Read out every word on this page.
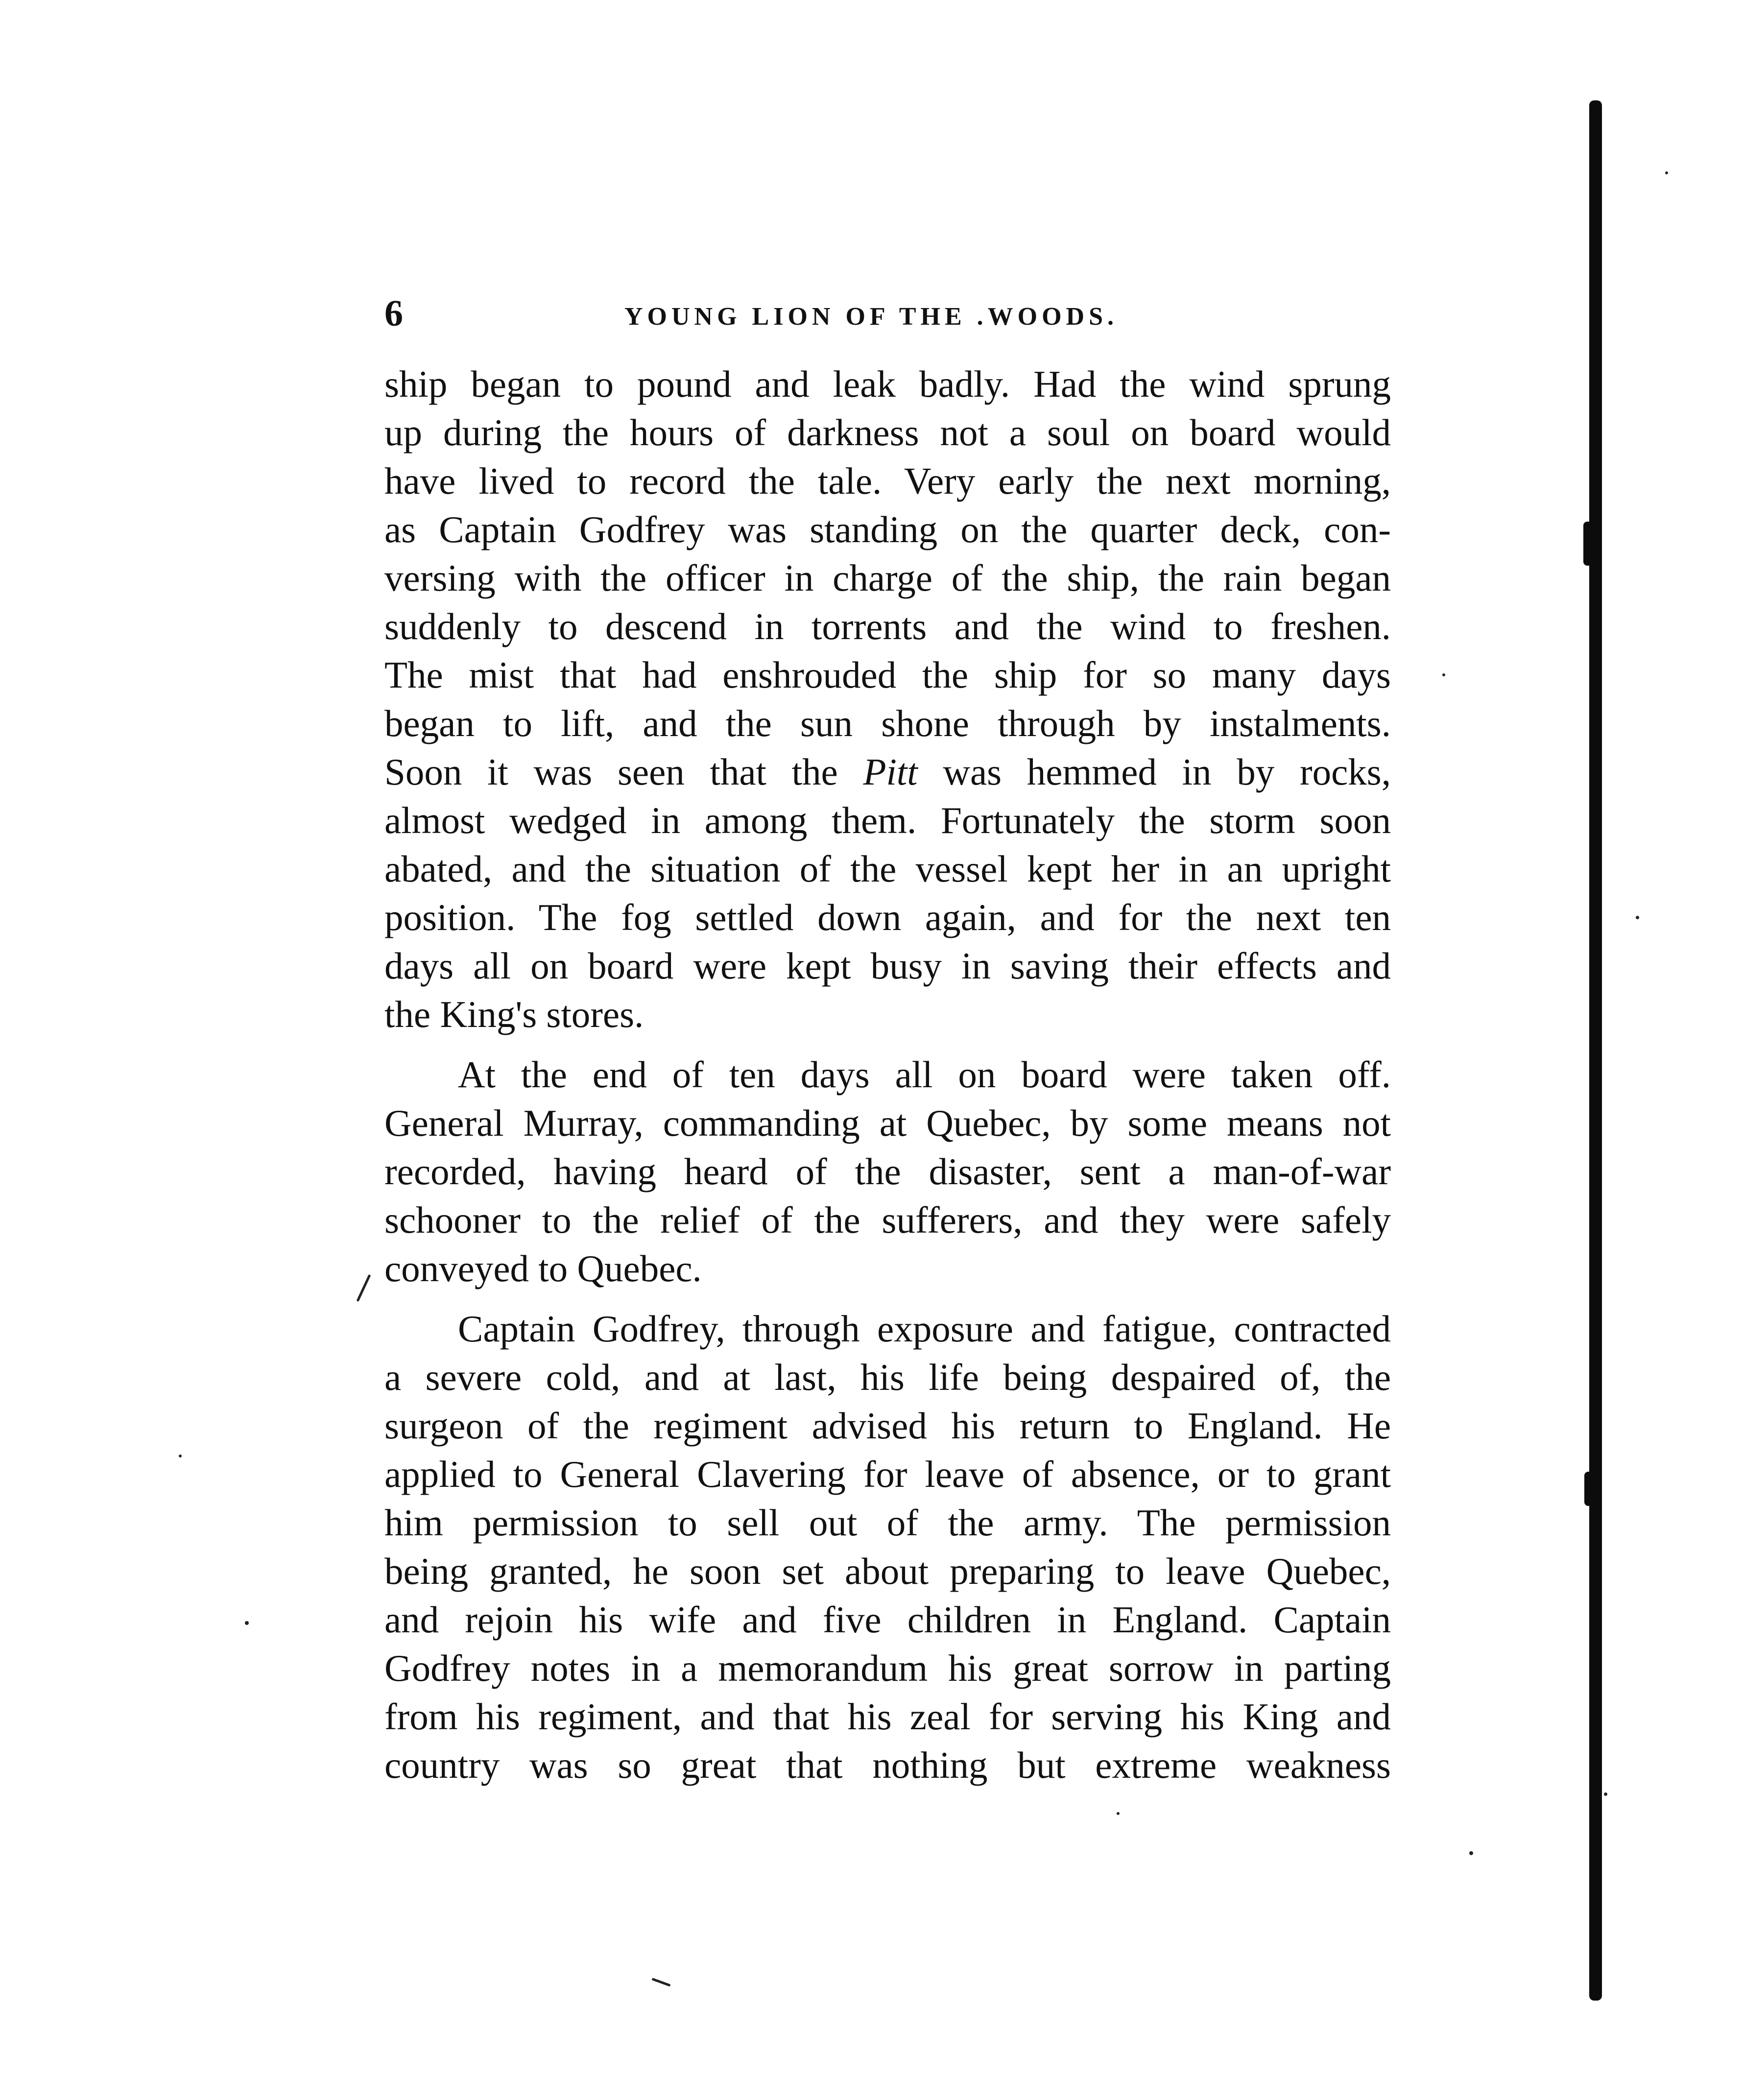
6	YOUNG LION OF THE .WOODS.
ship began to pound and leak badly. Had the wind sprung
up during the hours of darkness not a soul on board would
have lived to record the tale. Very early the next morning,
as Captain Godfrey was standing on the quarter deck, con-
versing with the officer in charge of the ship, the rain began
suddenly to descend in torrents and the wind to freshen.
The mist that had enshrouded the ship for so many days
began to lift, and the sun shone through by instalments.
Soon it was seen that the Pitt was hemmed in by rocks,
almost wedged in among them. Fortunately the storm soon
abated, and the situation of the vessel kept her in an upright
position. The fog settled down again, and for the next ten
days all on board were kept busy in saving their effects and
the King's stores.
At the end of ten days all on board were taken off.
General Murray, commanding at Quebec, by some means not
recorded, having heard of the disaster, sent a man-of-war
schooner to the relief of the sufferers, and they were safely
conveyed to Quebec.
Captain Godfrey, through exposure and fatigue, contracted
a severe cold, and at last, his life being despaired of, the
surgeon of the regiment advised his return to England. He
applied to General Clavering for leave of absence, or to grant
him permission to sell out of the army. The permission
being granted, he soon set about preparing to leave Quebec,
and rejoin his wife and five children in England. Captain
Godfrey notes in a memorandum his great sorrow in parting
from his regiment, and that his zeal for serving his King and
country was so great that nothing but extreme weakness
